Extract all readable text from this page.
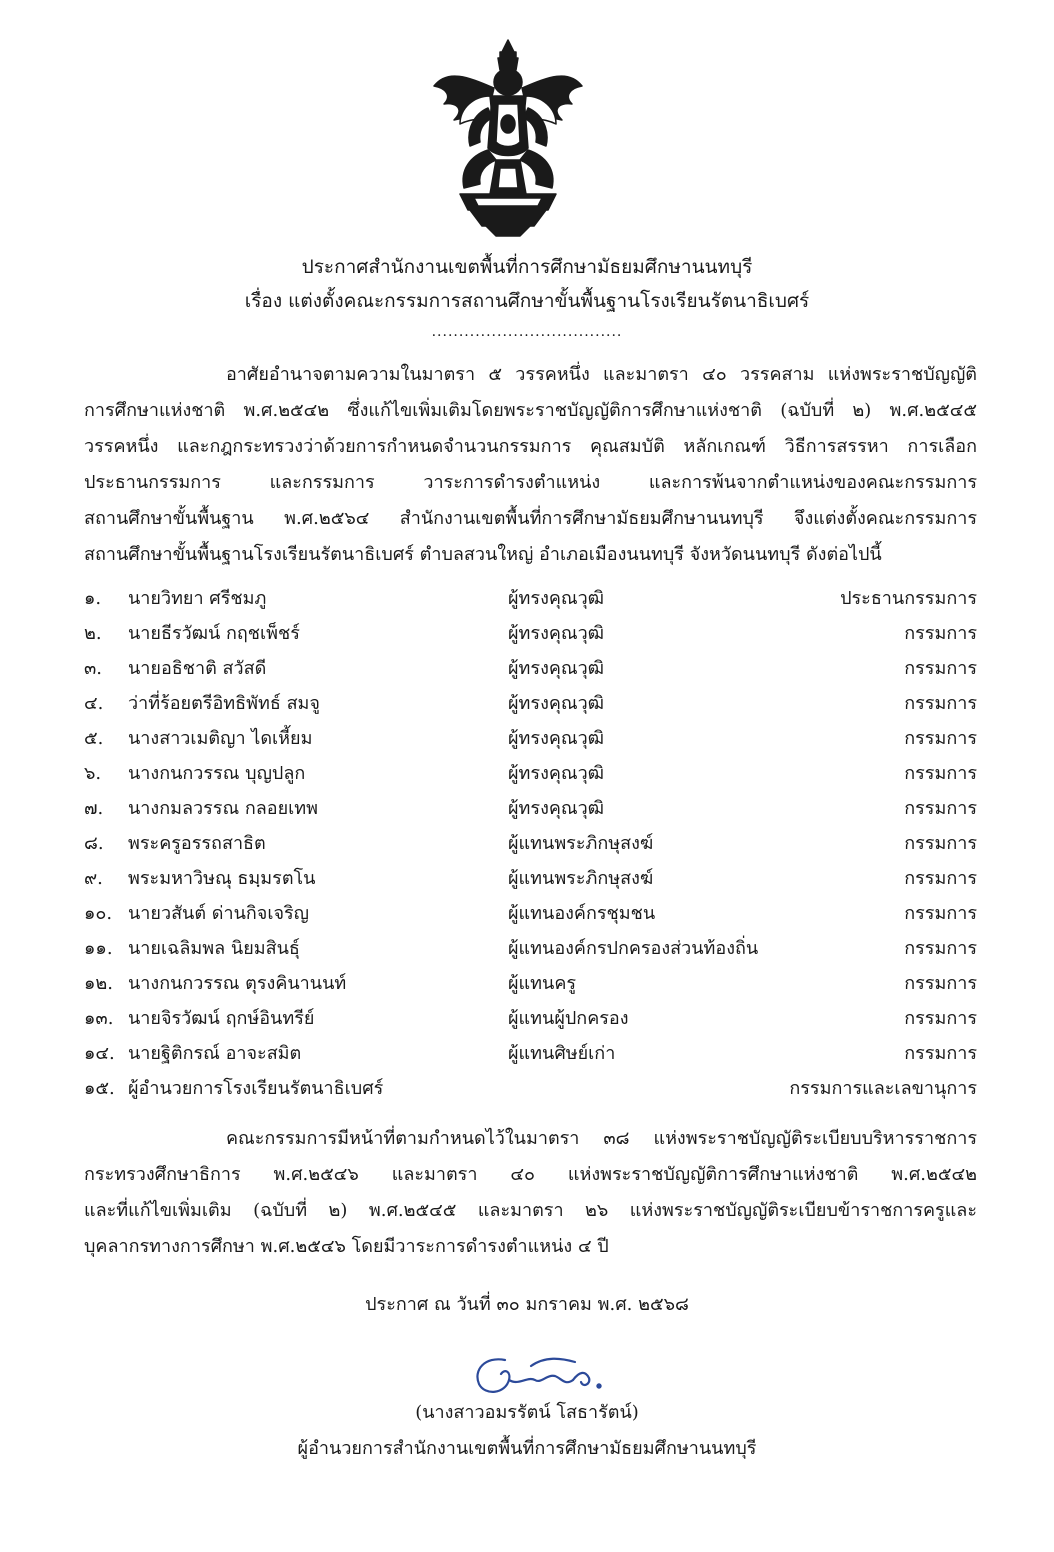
ประกาศสำนักงานเขตพื้นที่การศึกษามัธยมศึกษานนทบุรี
เรื่อง แต่งตั้งคณะกรรมการสถานศึกษาขั้นพื้นฐานโรงเรียนรัตนาธิเบศร์
...................................
อาศัยอำนาจตามความในมาตรา ๕ วรรคหนึ่ง และมาตรา ๔๐ วรรคสาม แห่งพระราชบัญญัติ
การศึกษาแห่งชาติ พ.ศ.๒๕๔๒ ซึ่งแก้ไขเพิ่มเติมโดยพระราชบัญญัติการศึกษาแห่งชาติ (ฉบับที่ ๒) พ.ศ.๒๕๔๕
วรรคหนึ่ง และกฎกระทรวงว่าด้วยการกำหนดจำนวนกรรมการ คุณสมบัติ หลักเกณฑ์ วิธีการสรรหา การเลือก
ประธานกรรมการ และกรรมการ วาระการดำรงตำแหน่ง และการพ้นจากตำแหน่งของคณะกรรมการ
สถานศึกษาขั้นพื้นฐาน พ.ศ.๒๕๖๔ สำนักงานเขตพื้นที่การศึกษามัธยมศึกษานนทบุรี จึงแต่งตั้งคณะกรรมการ
สถานศึกษาขั้นพื้นฐานโรงเรียนรัตนาธิเบศร์ ตำบลสวนใหญ่ อำเภอเมืองนนทบุรี จังหวัดนนทบุรี ดังต่อไปนี้
๑.	นายวิทยา ศรีชมภู	ผู้ทรงคุณวุฒิ	ประธานกรรมการ
๒.	นายธีรวัฒน์ กฤชเพ็ชร์	ผู้ทรงคุณวุฒิ	กรรมการ
๓.	นายอธิชาติ สวัสดี	ผู้ทรงคุณวุฒิ	กรรมการ
๔.	ว่าที่ร้อยตรีอิทธิพัทธ์ สมจู	ผู้ทรงคุณวุฒิ	กรรมการ
๕.	นางสาวเมติญา ไดเหี้ยม	ผู้ทรงคุณวุฒิ	กรรมการ
๖.	นางกนกวรรณ บุญปลูก	ผู้ทรงคุณวุฒิ	กรรมการ
๗.	นางกมลวรรณ กลอยเทพ	ผู้ทรงคุณวุฒิ	กรรมการ
๘.	พระครูอรรถสาธิต	ผู้แทนพระภิกษุสงฆ์	กรรมการ
๙.	พระมหาวิษณุ ธมฺมรตโน	ผู้แทนพระภิกษุสงฆ์	กรรมการ
๑๐. นายวสันต์ ด่านกิจเจริญ	ผู้แทนองค์กรชุมชน	กรรมการ
๑๑. นายเฉลิมพล นิยมสินธุ์	ผู้แทนองค์กรปกครองส่วนท้องถิ่น	กรรมการ
๑๒. นางกนกวรรณ ตุรงคินานนท์	ผู้แทนครู	กรรมการ
๑๓. นายจิรวัฒน์ ฤกษ์อินทรีย์	ผู้แทนผู้ปกครอง	กรรมการ
๑๔. นายฐิติกรณ์ อาจะสมิต	ผู้แทนศิษย์เก่า	กรรมการ
๑๕. ผู้อำนวยการโรงเรียนรัตนาธิเบศร์	กรรมการและเลขานุการ
คณะกรรมการมีหน้าที่ตามกำหนดไว้ในมาตรา ๓๘ แห่งพระราชบัญญัติระเบียบบริหารราชการ
กระทรวงศึกษาธิการ พ.ศ.๒๕๔๖ และมาตรา ๔๐ แห่งพระราชบัญญัติการศึกษาแห่งชาติ พ.ศ.๒๕๔๒
และที่แก้ไขเพิ่มเติม (ฉบับที่ ๒) พ.ศ.๒๕๔๕ และมาตรา ๒๖ แห่งพระราชบัญญัติระเบียบข้าราชการครูและ
บุคลากรทางการศึกษา พ.ศ.๒๕๔๖ โดยมีวาระการดำรงตำแหน่ง ๔ ปี
ประกาศ ณ วันที่ ๓๐ มกราคม พ.ศ. ๒๕๖๘
(นางสาวอมรรัตน์ โสธารัตน์)
ผู้อำนวยการสำนักงานเขตพื้นที่การศึกษามัธยมศึกษานนทบุรี
